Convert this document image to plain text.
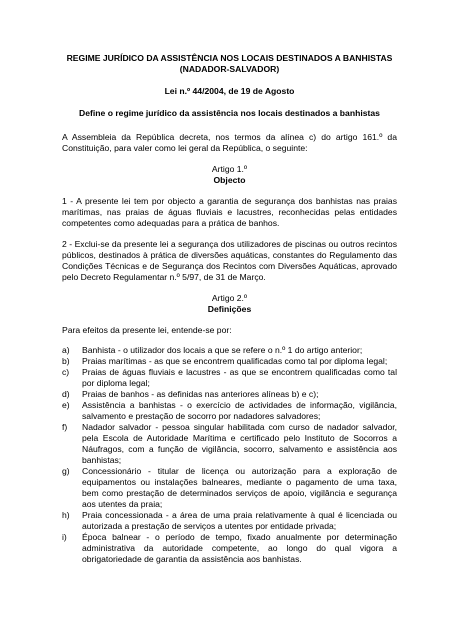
REGIME JURÍDICO DA ASSISTÊNCIA NOS LOCAIS DESTINADOS A BANHISTAS

(NADADOR-SALVADOR)

Lei n.º 44/2004, de 19 de Agosto

Define o regime jurídico da assistência nos locais destinados a banhistas

A Assembleia da República decreta, nos termos da alínea c) do artigo 161.º da Constituição, para valer como lei geral da República, o seguinte:

Artigo 1.º

Objecto

1 - A presente lei tem por objecto a garantia de segurança dos banhistas nas praias marítimas, nas praias de águas fluviais e lacustres, reconhecidas pelas entidades competentes como adequadas para a prática de banhos.

2 - Exclui-se da presente lei a segurança dos utilizadores de piscinas ou outros recintos públicos, destinados à prática de diversões aquáticas, constantes do Regulamento das Condições Técnicas e de Segurança dos Recintos com Diversões Aquáticas, aprovado pelo Decreto Regulamentar n.º 5/97, de 31 de Março.

Artigo 2.º

Definições

Para efeitos da presente lei, entende-se por:

a)	Banhista - o utilizador dos locais a que se refere o n.º 1 do artigo anterior;
b)	Praias marítimas - as que se encontrem qualificadas como tal por diploma legal;
c)	Praias de águas fluviais e lacustres - as que se encontrem qualificadas como tal por diploma legal;
d)	Praias de banhos - as definidas nas anteriores alíneas b) e c);
e)	Assistência a banhistas - o exercício de actividades de informação, vigilância, salvamento e prestação de socorro por nadadores salvadores;
f)	Nadador salvador - pessoa singular habilitada com curso de nadador salvador, pela Escola de Autoridade Marítima e certificado pelo Instituto de Socorros a Náufragos, com a função de vigilância, socorro, salvamento e assistência aos banhistas;
g)	Concessionário - titular de licença ou autorização para a exploração de equipamentos ou instalações balneares, mediante o pagamento de uma taxa, bem como prestação de determinados serviços de apoio, vigilância e segurança aos utentes da praia;
h)	Praia concessionada - a área de uma praia relativamente à qual é licenciada ou autorizada a prestação de serviços a utentes por entidade privada;
i)	Época balnear - o período de tempo, fixado anualmente por determinação administrativa da autoridade competente, ao longo do qual vigora a obrigatoriedade de garantia da assistência aos banhistas.
